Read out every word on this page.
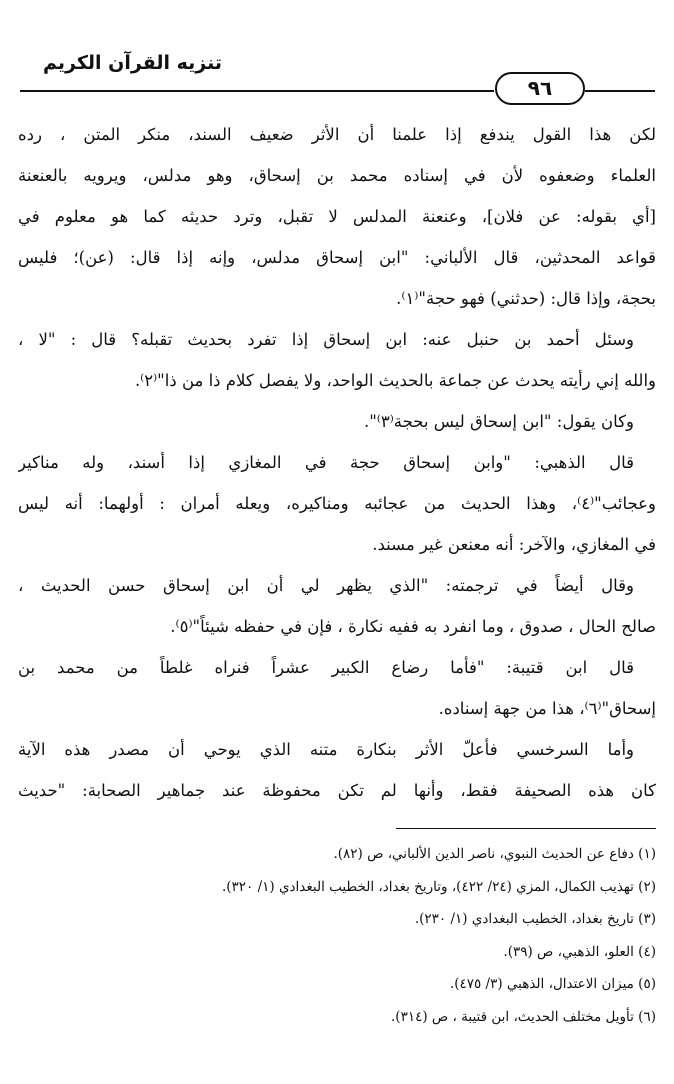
تنزيه القرآن الكريم
٩٦
لكن هذا القول يندفع إذا علمنا أن الأثر ضعيف السند، منكر المتن ، رده
العلماء وضعفوه لأن في إسناده محمد بن إسحاق، وهو مدلس، ويرويه بالعنعنة
[أي بقوله: عن فلان]، وعنعنة المدلس لا تقبل، وترد حديثه كما هو معلوم في
قواعد المحدثين، قال الألباني: "ابن إسحاق مدلس، وإنه إذا قال: (عن)؛ فليس
بحجة، وإذا قال: (حدثني) فهو حجة"⁽١⁾.
وسئل أحمد بن حنبل عنه: ابن إسحاق إذا تفرد بحديث تقبله؟ قال : "لا ،
والله إني رأيته يحدث عن جماعة بالحديث الواحد، ولا يفصل كلام ذا من ذا"⁽٢⁾.
وكان يقول: "ابن إسحاق ليس بحجة⁽٣⁾".
قال الذهبي: "وابن إسحاق حجة في المغازي إذا أسند، وله مناكير
وعجائب"⁽٤⁾، وهذا الحديث من عجائبه ومناكيره، ويعله أمران : أولهما: أنه ليس
في المغازي، والآخر: أنه معنعن غير مسند.
وقال أيضاً في ترجمته: "الذي يظهر لي أن ابن إسحاق حسن الحديث ،
صالح الحال ، صدوق ، وما انفرد به ففيه نكارة ، فإن في حفظه شيئاً"⁽٥⁾.
قال ابن قتيبة: "فأما رضاع الكبير عشراً فنراه غلطاً من محمد بن
إسحاق"⁽٦⁾، هذا من جهة إسناده.
وأما السرخسي فأعلّ الأثر بنكارة متنه الذي يوحي أن مصدر هذه الآية
كان هذه الصحيفة فقط، وأنها لم تكن محفوظة عند جماهير الصحابة: "حديث
(١) دفاع عن الحديث النبوي، ناصر الدين الألباني، ص (٨٢).
(٢) تهذيب الكمال، المزي (٢٤/ ٤٢٢)، وتاريخ بغداد، الخطيب البغدادي (١/ ٣٢٠).
(٣) تاريخ بغداد، الخطيب البغدادي (١/ ٢٣٠).
(٤) العلو، الذهبي، ص (٣٩).
(٥) ميزان الاعتدال، الذهبي (٣/ ٤٧٥).
(٦) تأويل مختلف الحديث، ابن قتيبة ، ص (٣١٤).
